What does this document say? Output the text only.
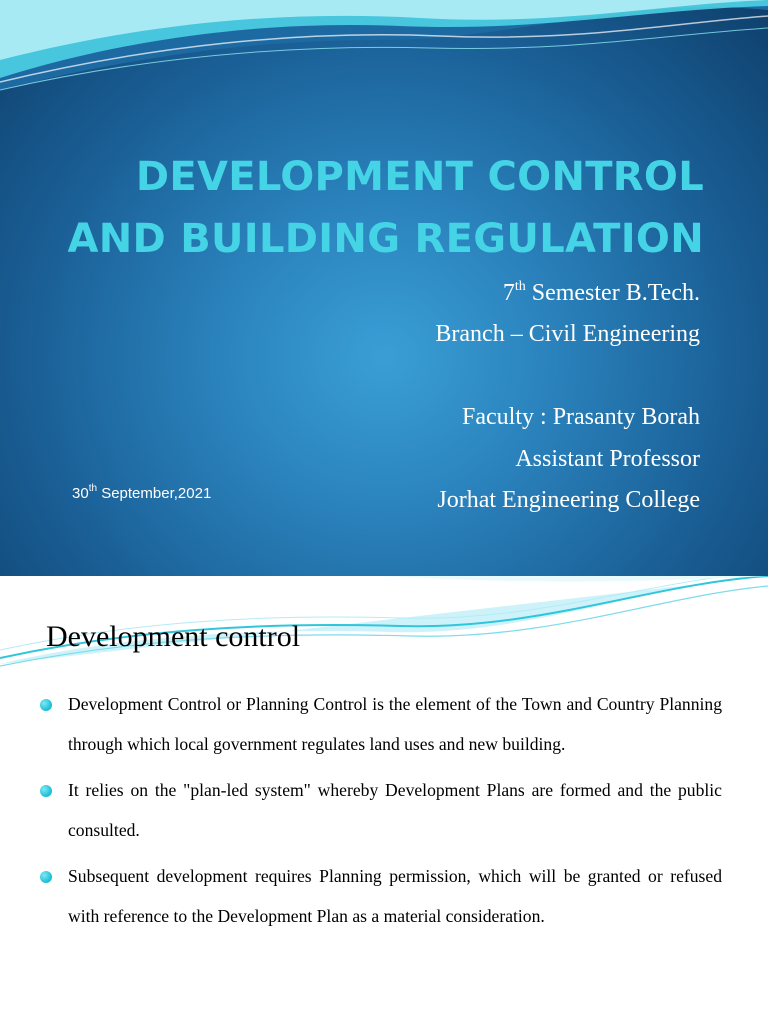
DEVELOPMENT CONTROL
AND BUILDING REGULATION
7th Semester B.Tech.
Branch – Civil Engineering
Faculty : Prasanty Borah
Assistant Professor
Jorhat Engineering College
30th September,2021
Development control
Development Control or Planning Control is the element of the Town and Country Planning through which local government regulates land uses and new building.
It relies on the "plan-led system" whereby Development Plans are formed and the public consulted.
Subsequent development requires Planning permission, which will be granted or refused with reference to the Development Plan as a material consideration.
